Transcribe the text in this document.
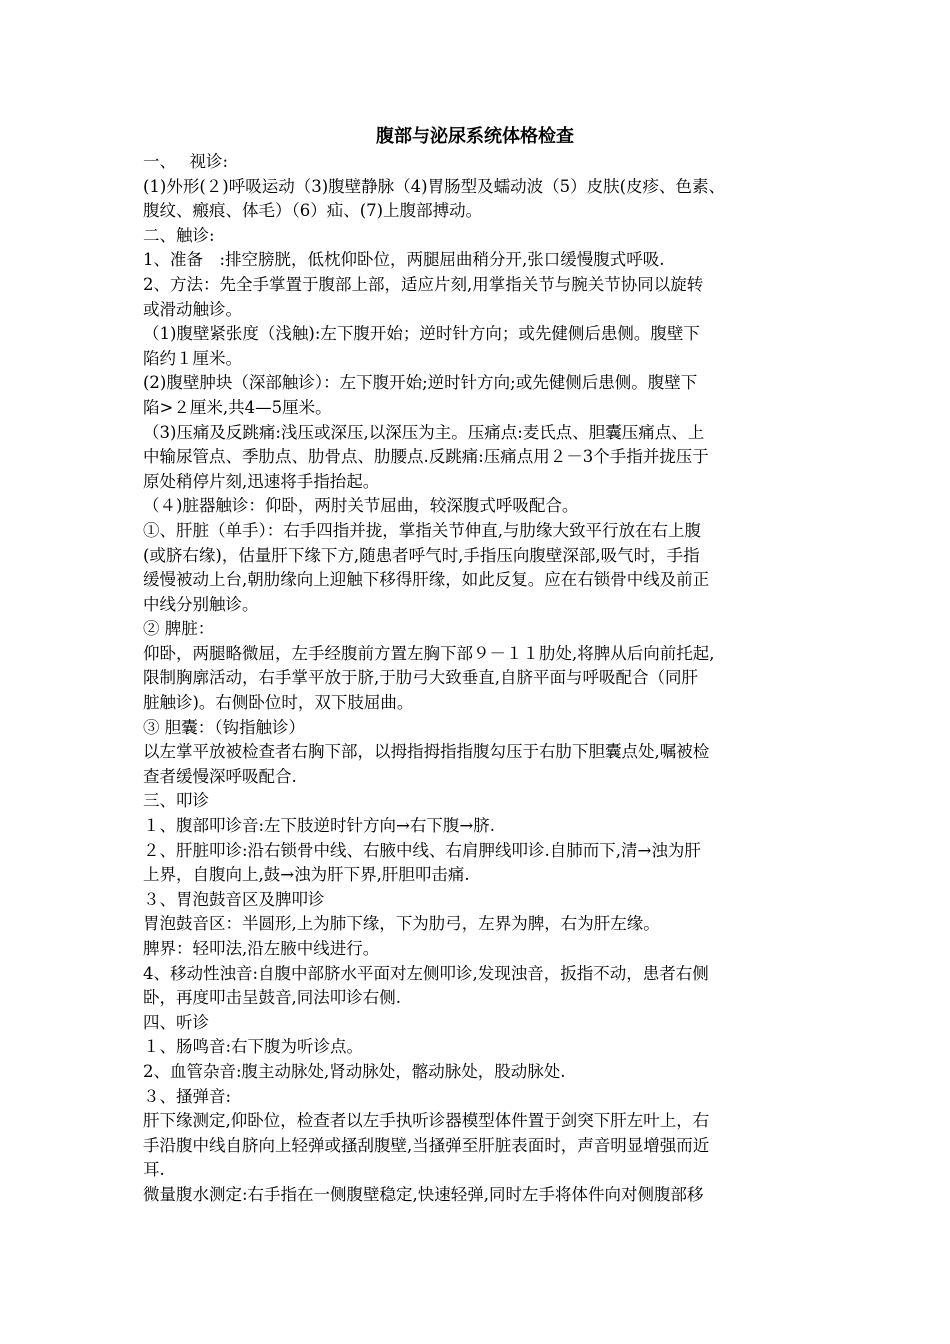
腹部与泌尿系统体格检查
一、　 视诊:
(1)外形(２)呼吸运动（3)腹壁静脉（4)胃肠型及蠕动波（5）皮肤(皮疹、色素、
腹纹、瘢痕、体毛）（6）疝、(7)上腹部搏动。
二、触诊:
1、准备　:排空膀胱，低枕仰卧位，两腿屈曲稍分开,张口缓慢腹式呼吸.
2、方法：先全手掌置于腹部上部，适应片刻,用掌指关节与腕关节协同以旋转
或滑动触诊。
（1)腹壁紧张度（浅触):左下腹开始；逆时针方向；或先健侧后患侧。腹壁下
陷约１厘米。
(2)腹壁肿块（深部触诊）：左下腹开始;逆时针方向;或先健侧后患侧。腹壁下
陷>２厘米,共4—5厘米。
（3)压痛及反跳痛:浅压或深压,以深压为主。压痛点:麦氏点、胆囊压痛点、上
中输尿管点、季肋点、肋骨点、肋腰点.反跳痛:压痛点用２－3个手指并拢压于
原处稍停片刻,迅速将手指抬起。
（４)脏器触诊：仰卧，两肘关节屈曲，较深腹式呼吸配合。
①、肝脏（单手）：右手四指并拢，掌指关节伸直,与肋缘大致平行放在右上腹
(或脐右缘)，估量肝下缘下方,随患者呼气时,手指压向腹壁深部,吸气时，手指
缓慢被动上台,朝肋缘向上迎触下移得肝缘，如此反复。应在右锁骨中线及前正
中线分别触诊。
② 脾脏：
仰卧，两腿略微屈，左手经腹前方置左胸下部９－１１肋处,将脾从后向前托起,
限制胸廓活动，右手掌平放于脐,于肋弓大致垂直,自脐平面与呼吸配合（同肝
脏触诊)。右侧卧位时，双下肢屈曲。
③ 胆囊：（钩指触诊）
以左掌平放被检查者右胸下部，以拇指拇指指腹勾压于右肋下胆囊点处,嘱被检
查者缓慢深呼吸配合.
三、叩诊
１、腹部叩诊音:左下肢逆时针方向→右下腹→脐.
２、肝脏叩诊:沿右锁骨中线、右腋中线、右肩胛线叩诊.自肺而下,清→浊为肝
上界，自腹向上,鼓→浊为肝下界,肝胆叩击痛.
３、胃泡鼓音区及脾叩诊
胃泡鼓音区：半圆形,上为肺下缘，下为肋弓，左界为脾，右为肝左缘。
脾界：轻叩法,沿左腋中线进行。
4、移动性浊音:自腹中部脐水平面对左侧叩诊,发现浊音，扳指不动，患者右侧
卧，再度叩击呈鼓音,同法叩诊右侧.
四、听诊
１、肠鸣音:右下腹为听诊点。
2、血管杂音:腹主动脉处,肾动脉处，髂动脉处，股动脉处.
３、搔弹音:
肝下缘测定,仰卧位，检查者以左手执听诊器模型体件置于剑突下肝左叶上，右
手沿腹中线自脐向上轻弹或搔刮腹壁,当搔弹至肝脏表面时，声音明显增强而近
耳.
微量腹水测定:右手指在一侧腹壁稳定,快速轻弹,同时左手将体件向对侧腹部移
